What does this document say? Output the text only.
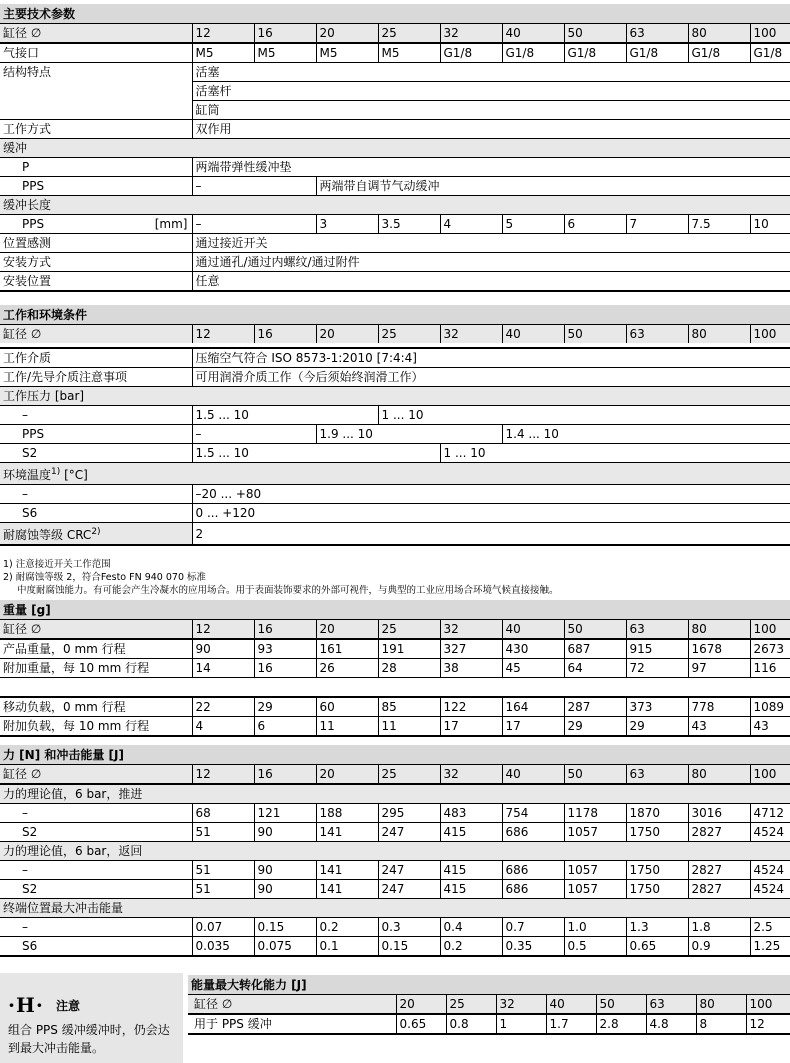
主要技术参数										
缸径 ∅	12	16	20	25	32	40	50	63	80	100
气接口	M5	M5	M5	M5	G1/8	G1/8	G1/8	G1/8	G1/8	G1/8
结构特点	活塞									
	活塞杆									
	缸筒									
工作方式	双作用									
缓冲										
P	两端带弹性缓冲垫									
PPS	–		两端带自调节气动缓冲							
缓冲长度										
PPS [mm]	–		3	3.5	4	5	6	7	7.5	10
位置感测	通过接近开关									
安装方式	通过通孔/通过内螺纹/通过附件									
安装位置	任意									
工作和环境条件										
缸径 ∅	12	16	20	25	32	40	50	63	80	100

工作介质	压缩空气符合 ISO 8573-1:2010 [7:4:4]									
工作/先导介质注意事项	可用润滑介质工作（今后须始终润滑工作）									
工作压力 [bar]										
–	1.5 ... 10			1 ... 10						
PPS	–		1.9 ... 10			1.4 ... 10				
S2	1.5 ... 10				1 ... 10					
环境温度$^{1)}$ [°C]										
–	–20 ... +80									
S6	0 ... +120									
耐腐蚀等级 CRC$^{2)}$	2									
1) 注意接近开关工作范围
2) 耐腐蚀等级 2，符合Festo FN 940 070 标准
中度耐腐蚀能力。有可能会产生冷凝水的应用场合。用于表面装饰要求的外部可视件，与典型的工业应用场合环境气候直接接触。
重量 [g]										
缸径 ∅	12	16	20	25	32	40	50	63	80	100
产品重量，0 mm 行程	90	93	161	191	327	430	687	915	1678	2673
附加重量，每 10 mm 行程	14	16	26	28	38	45	64	72	97	116

移动负载，0 mm 行程	22	29	60	85	122	164	287	373	778	1089
附加负载，每 10 mm 行程	4	6	11	11	17	17	29	29	43	43
力 [N] 和冲击能量 [J]										
缸径 ∅	12	16	20	25	32	40	50	63	80	100
力的理论值，6 bar，推进										
–	68	121	188	295	483	754	1178	1870	3016	4712
S2	51	90	141	247	415	686	1057	1750	2827	4524
力的理论值，6 bar，返回										
–	51	90	141	247	415	686	1057	1750	2827	4524
S2	51	90	141	247	415	686	1057	1750	2827	4524
终端位置最大冲击能量										
–	0.07	0.15	0.2	0.3	0.4	0.7	1.0	1.3	1.8	2.5
S6	0.035	0.075	0.1	0.15	0.2	0.35	0.5	0.65	0.9	1.25
·H· 注意
组合 PPS 缓冲缓冲时，仍会达到最大冲击能量。
能量最大转化能力 [J]								
缸径 ∅	20	25	32	40	50	63	80	100
用于 PPS 缓冲	0.65	0.8	1	1.7	2.8	4.8	8	12
